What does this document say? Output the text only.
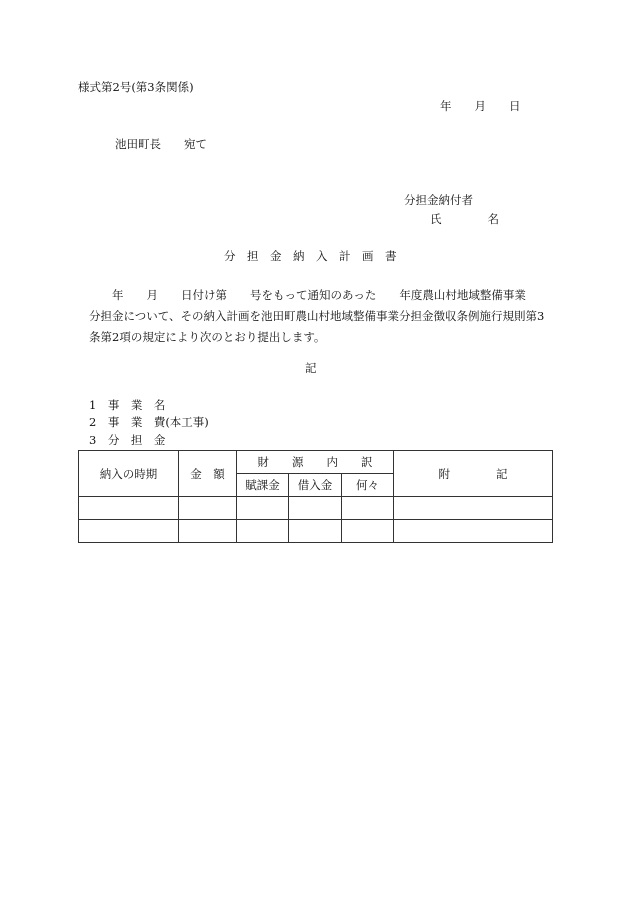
様式第2号(第3条関係)
年　　月　　日
池田町長　　宛て
分担金納付者
氏　　　　名
分　担　金　納　入　計　画　書
　　年　　月　　日付け第　　号をもって通知のあった　　年度農山村地域整備事業
分担金について、その納入計画を池田町農山村地域整備事業分担金徴収条例施行規則第3
条第2項の規定により次のとおり提出します。
記
1　事　業　名
2　事　業　費(本工事)
3　分　担　金
納入の時期	金　額	財　　源　　内　　訳			附　　　　記
		賦課金	借入金	何々	
